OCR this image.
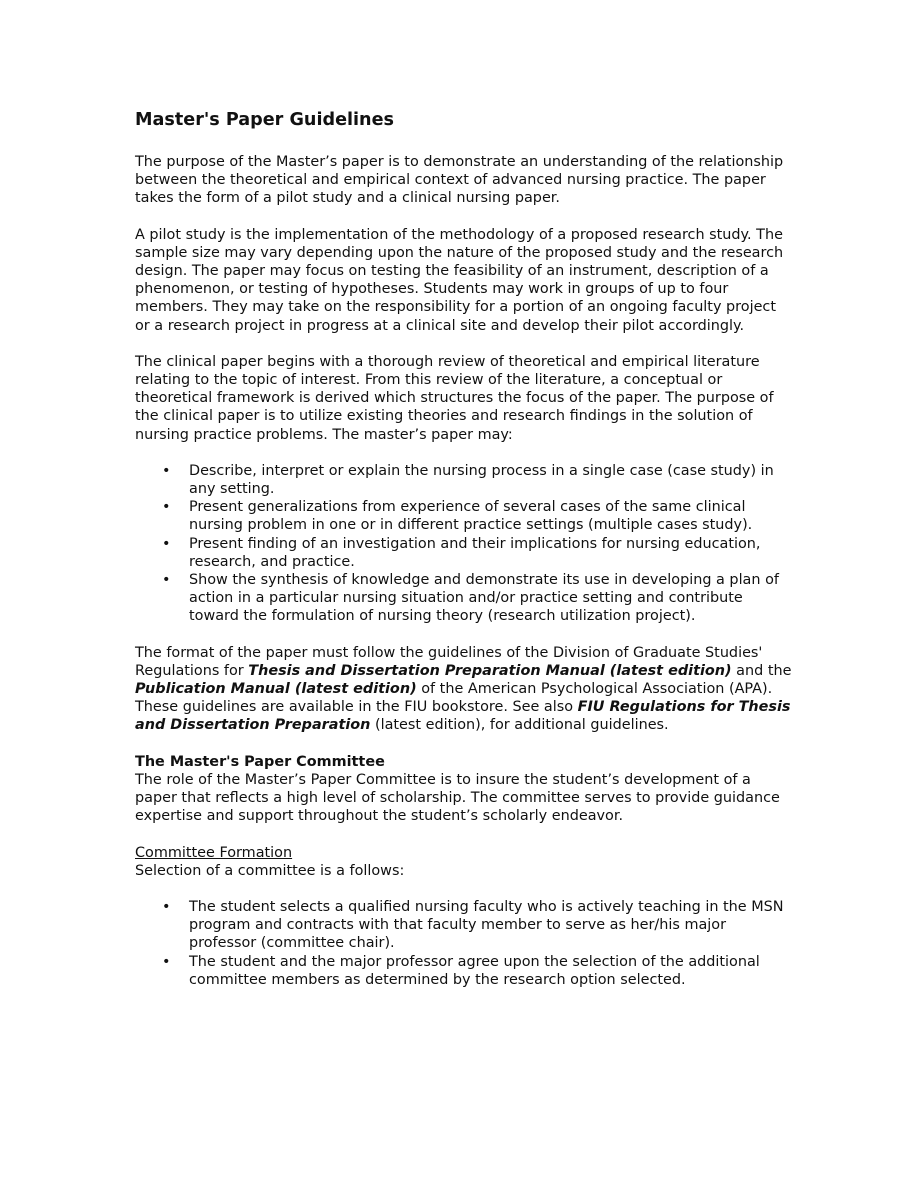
Master's Paper Guidelines

The purpose of the Master’s paper is to demonstrate an understanding of the relationship between the theoretical and empirical context of advanced nursing practice. The paper takes the form of a pilot study and a clinical nursing paper.

A pilot study is the implementation of the methodology of a proposed research study. The sample size may vary depending upon the nature of the proposed study and the research design. The paper may focus on testing the feasibility of an instrument, description of a phenomenon, or testing of hypotheses. Students may work in groups of up to four members. They may take on the responsibility for a portion of an ongoing faculty project or a research project in progress at a clinical site and develop their pilot accordingly.

The clinical paper begins with a thorough review of theoretical and empirical literature relating to the topic of interest. From this review of the literature, a conceptual or theoretical framework is derived which structures the focus of the paper. The purpose of the clinical paper is to utilize existing theories and research findings in the solution of nursing practice problems. The master’s paper may:

• Describe, interpret or explain the nursing process in a single case (case study) in any setting.
• Present generalizations from experience of several cases of the same clinical nursing problem in one or in different practice settings (multiple cases study).
• Present finding of an investigation and their implications for nursing education, research, and practice.
• Show the synthesis of knowledge and demonstrate its use in developing a plan of action in a particular nursing situation and/or practice setting and contribute toward the formulation of nursing theory (research utilization project).

The format of the paper must follow the guidelines of the Division of Graduate Studies' Regulations for Thesis and Dissertation Preparation Manual (latest edition) and the Publication Manual (latest edition) of the American Psychological Association (APA). These guidelines are available in the FIU bookstore. See also FIU Regulations for Thesis and Dissertation Preparation (latest edition), for additional guidelines.

The Master's Paper Committee
The role of the Master’s Paper Committee is to insure the student’s development of a paper that reflects a high level of scholarship. The committee serves to provide guidance expertise and support throughout the student’s scholarly endeavor.

Committee Formation
Selection of a committee is a follows:

• The student selects a qualified nursing faculty who is actively teaching in the MSN program and contracts with that faculty member to serve as her/his major professor (committee chair).
• The student and the major professor agree upon the selection of the additional committee members as determined by the research option selected.
